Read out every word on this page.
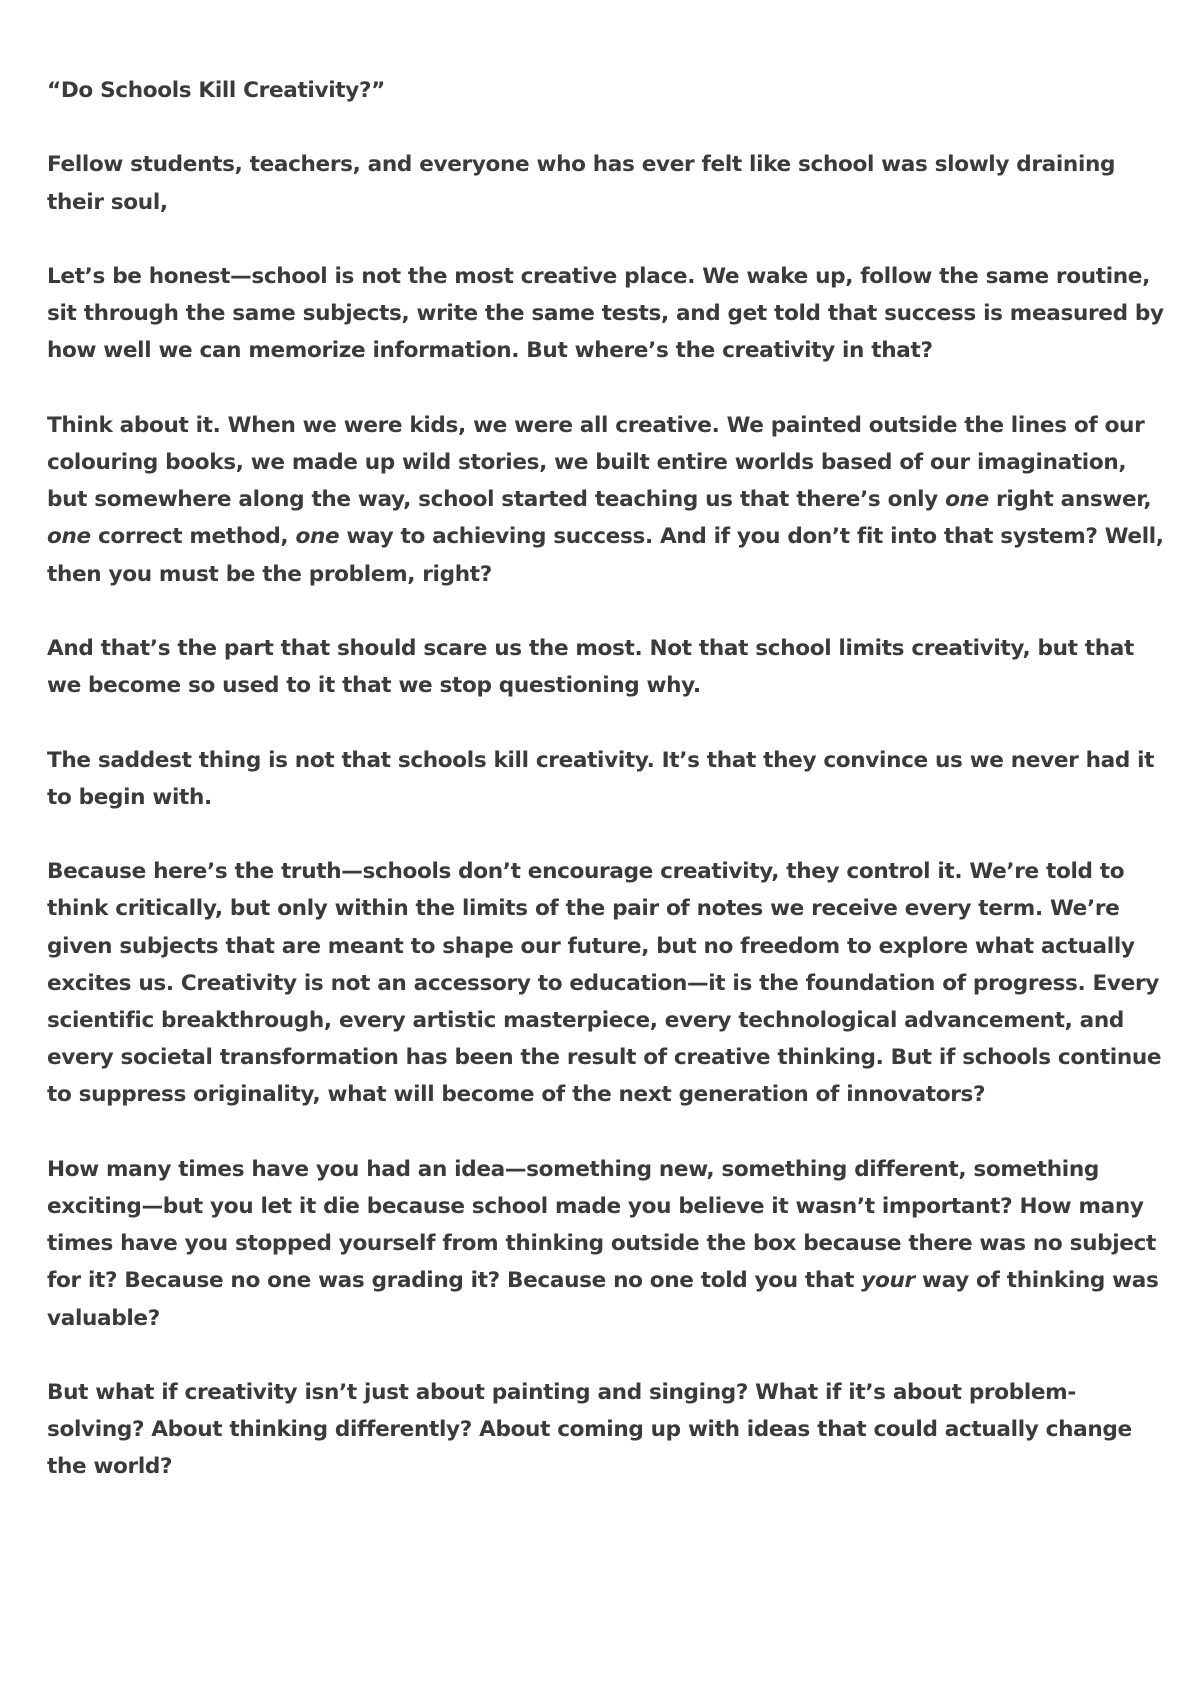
“Do Schools Kill Creativity?”

Fellow students, teachers, and everyone who has ever felt like school was slowly draining their soul,

Let’s be honest—school is not the most creative place. We wake up, follow the same routine, sit through the same subjects, write the same tests, and get told that success is measured by how well we can memorize information. But where’s the creativity in that?

Think about it. When we were kids, we were all creative. We painted outside the lines of our colouring books, we made up wild stories, we built entire worlds based of our imagination, but somewhere along the way, school started teaching us that there’s only one right answer, one correct method, one way to achieving success. And if you don’t fit into that system? Well, then you must be the problem, right?

And that’s the part that should scare us the most. Not that school limits creativity, but that we become so used to it that we stop questioning why.

The saddest thing is not that schools kill creativity. It’s that they convince us we never had it to begin with.

Because here’s the truth—schools don’t encourage creativity, they control it. We’re told to think critically, but only within the limits of the pair of notes we receive every term. We’re given subjects that are meant to shape our future, but no freedom to explore what actually excites us. Creativity is not an accessory to education—it is the foundation of progress. Every scientific breakthrough, every artistic masterpiece, every technological advancement, and every societal transformation has been the result of creative thinking. But if schools continue to suppress originality, what will become of the next generation of innovators?

How many times have you had an idea—something new, something different, something exciting—but you let it die because school made you believe it wasn’t important? How many times have you stopped yourself from thinking outside the box because there was no subject for it? Because no one was grading it? Because no one told you that your way of thinking was valuable?

But what if creativity isn’t just about painting and singing? What if it’s about problem-solving? About thinking differently? About coming up with ideas that could actually change the world?
